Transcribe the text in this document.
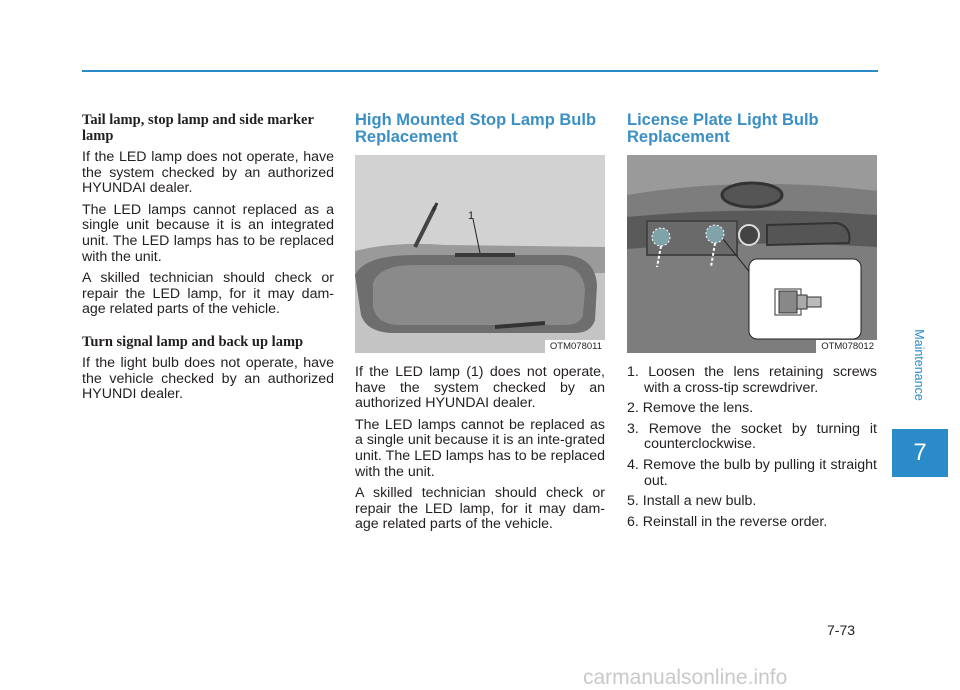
Tail lamp, stop lamp and side marker lamp

If the LED lamp does not operate, have the system checked by an authorized HYUNDAI dealer.

The LED lamps cannot replaced as a single unit because it is an integrated unit. The LED lamps has to be replaced with the unit.

A skilled technician should check or repair the LED lamp, for it may dam-age related parts of the vehicle.

Turn signal lamp and back up lamp

If the light bulb does not operate, have the vehicle checked by an authorized HYUNDI dealer.

High Mounted Stop Lamp Bulb Replacement
1
OTM078011

If the LED lamp (1) does not operate, have the system checked by an authorized HYUNDAI dealer.

The LED lamps cannot be replaced as a single unit because it is an inte-grated unit. The LED lamps has to be replaced with the unit.

A skilled technician should check or repair the LED lamp, for it may dam-age related parts of the vehicle.

License Plate Light Bulb Replacement
OTM078012
1. Loosen the lens retaining screws with a cross-tip screwdriver.
2. Remove the lens.
3. Remove the socket by turning it counterclockwise.
4. Remove the bulb by pulling it straight out.
5. Install a new bulb.
6. Reinstall in the reverse order.
Maintenance
7
7-73
carmanualsonline.info
